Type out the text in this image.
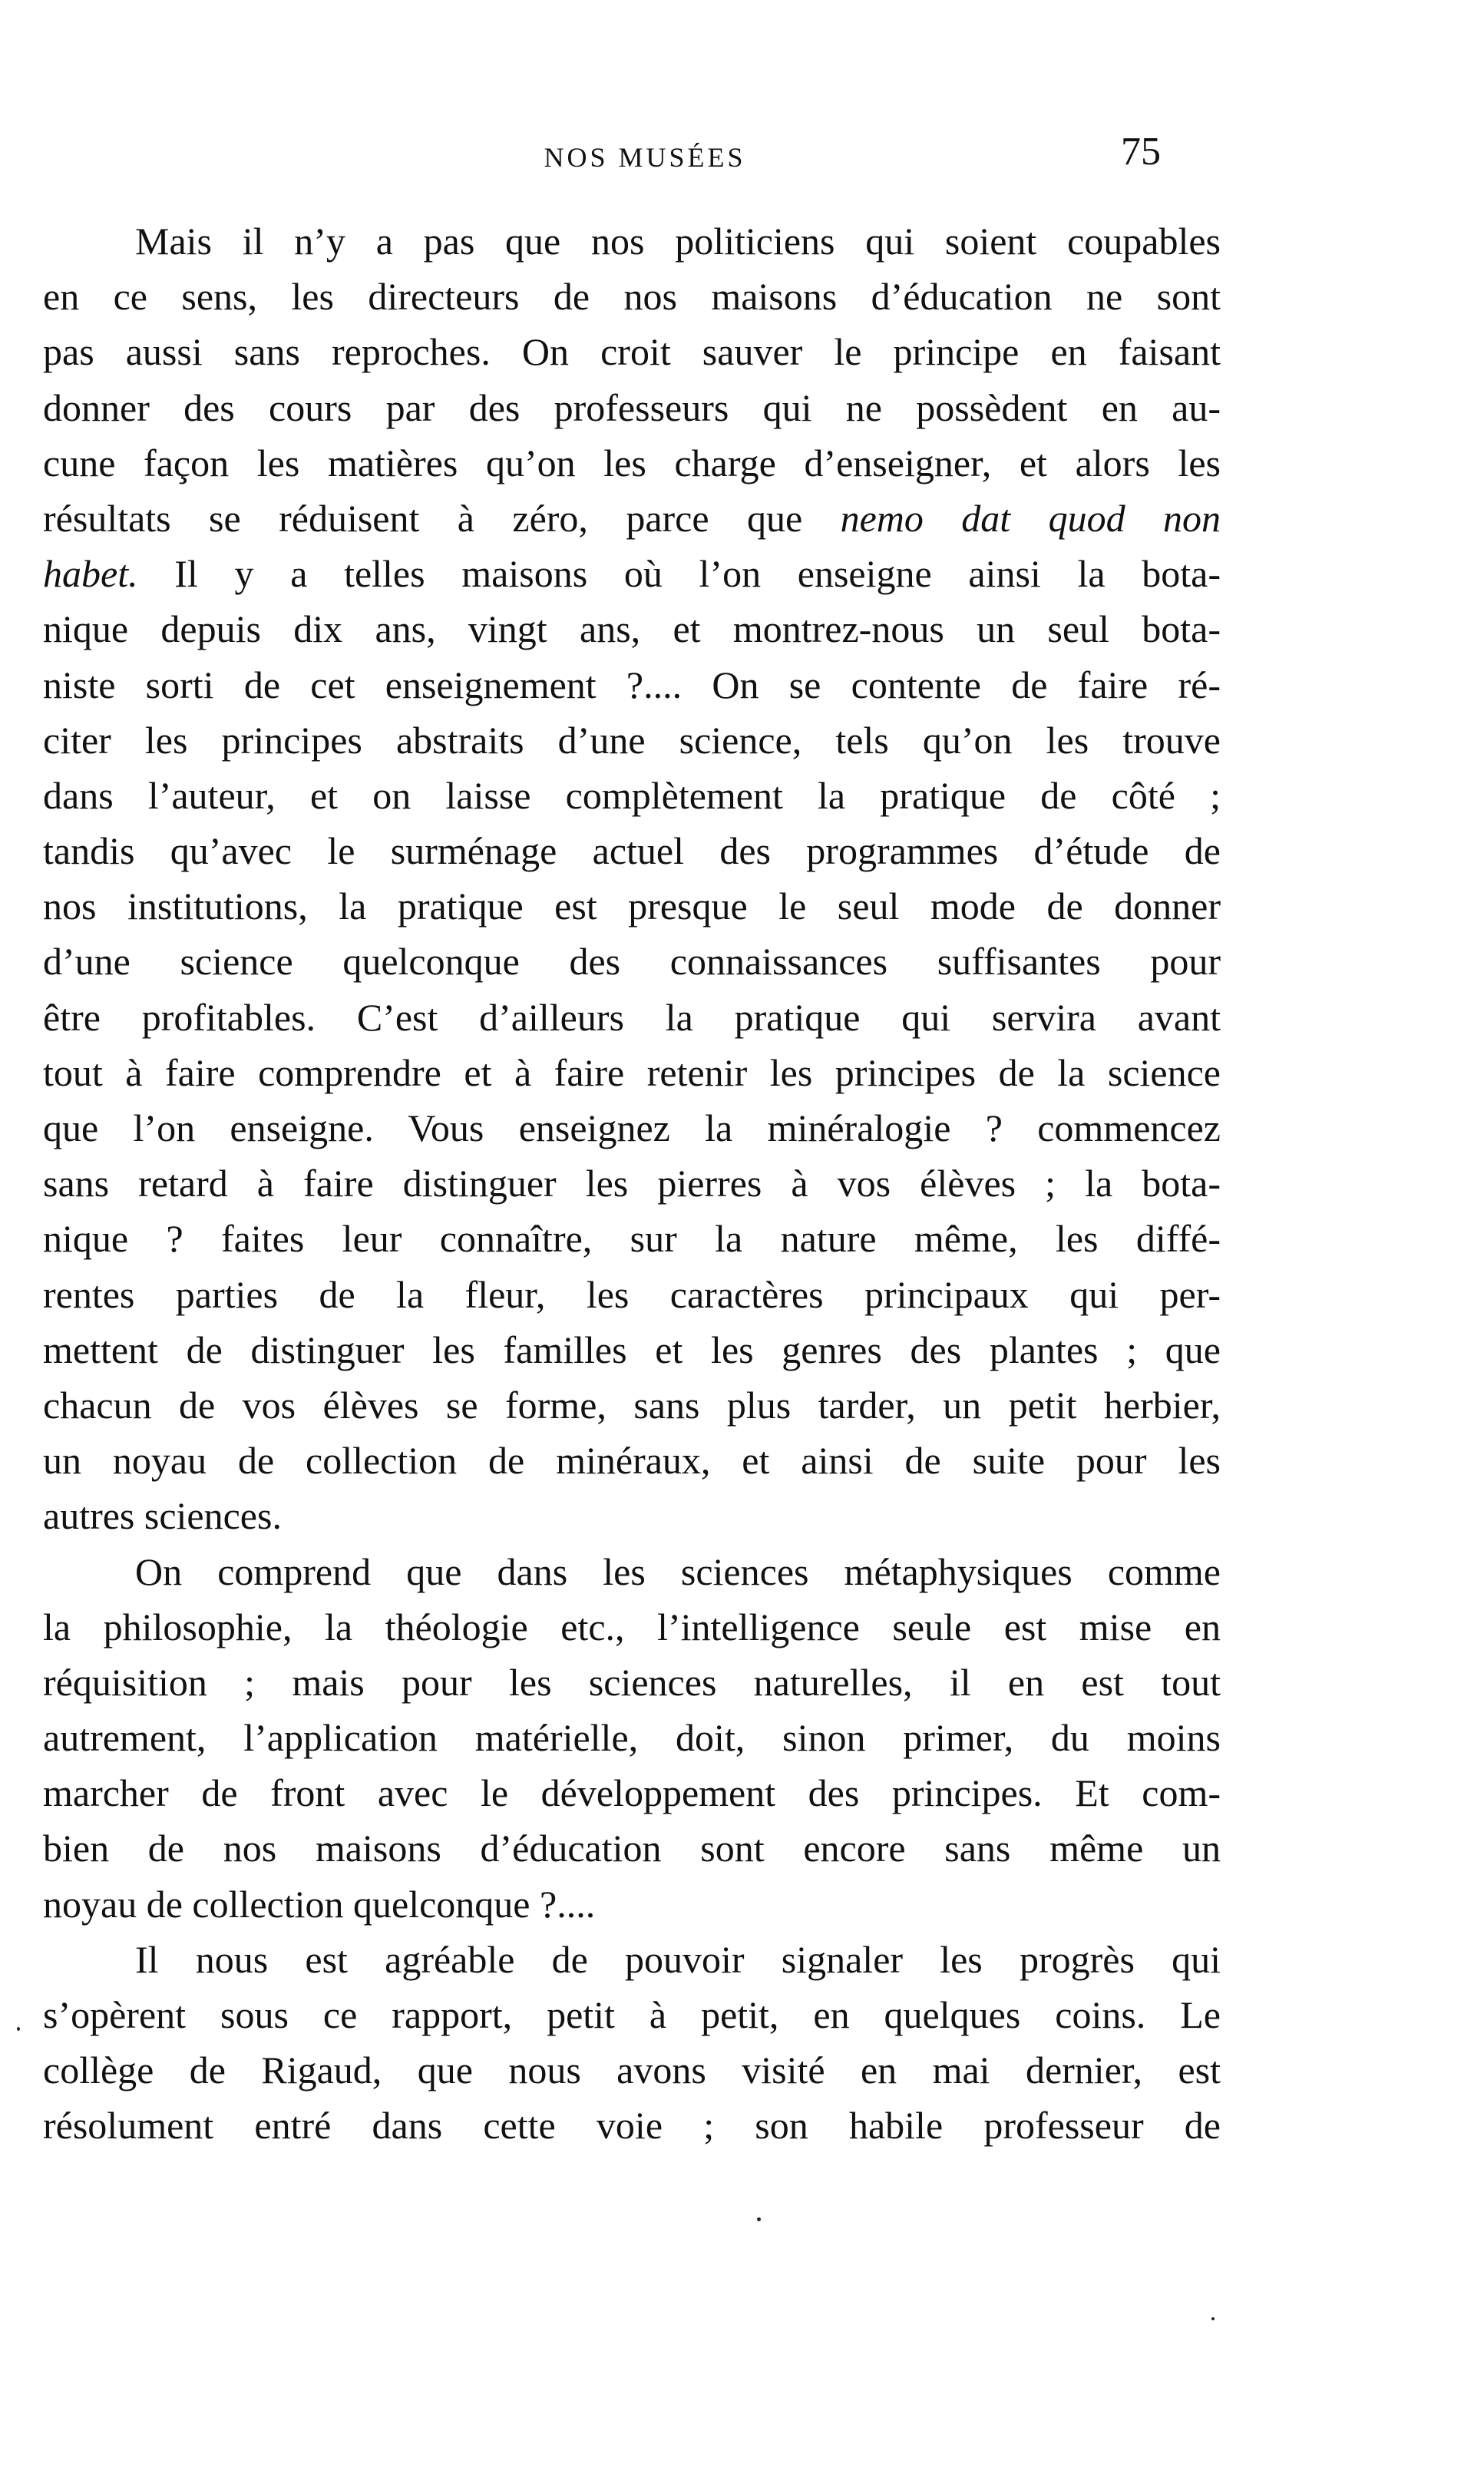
NOS MUSÉES	75
Mais il n’y a pas que nos politiciens qui soient coupables
en ce sens, les directeurs de nos maisons d’éducation ne sont
pas aussi sans reproches. On croit sauver le principe en faisant
donner des cours par des professeurs qui ne possèdent en au-
cune façon les matières qu’on les charge d’enseigner, et alors les
résultats se réduisent à zéro, parce que nemo dat quod non
habet. Il y a telles maisons où l’on enseigne ainsi la bota-
nique depuis dix ans, vingt ans, et montrez-nous un seul bota-
niste sorti de cet enseignement ?.... On se contente de faire ré-
citer les principes abstraits d’une science, tels qu’on les trouve
dans l’auteur, et on laisse complètement la pratique de côté ;
tandis qu’avec le surménage actuel des programmes d’étude de
nos institutions, la pratique est presque le seul mode de donner
d’une science quelconque des connaissances suffisantes pour
être profitables. C’est d’ailleurs la pratique qui servira avant
tout à faire comprendre et à faire retenir les principes de la science
que l’on enseigne. Vous enseignez la minéralogie ? commencez
sans retard à faire distinguer les pierres à vos élèves ; la bota-
nique ? faites leur connaître, sur la nature même, les diffé-
rentes parties de la fleur, les caractères principaux qui per-
mettent de distinguer les familles et les genres des plantes ; que
chacun de vos élèves se forme, sans plus tarder, un petit herbier,
un noyau de collection de minéraux, et ainsi de suite pour les
autres sciences.
On comprend que dans les sciences métaphysiques comme
la philosophie, la théologie etc., l’intelligence seule est mise en
réquisition ; mais pour les sciences naturelles, il en est tout
autrement, l’application matérielle, doit, sinon primer, du moins
marcher de front avec le développement des principes. Et com-
bien de nos maisons d’éducation sont encore sans même un
noyau de collection quelconque ?....
Il nous est agréable de pouvoir signaler les progrès qui
s’opèrent sous ce rapport, petit à petit, en quelques coins. Le
collège de Rigaud, que nous avons visité en mai dernier, est
résolument entré dans cette voie ; son habile professeur de
